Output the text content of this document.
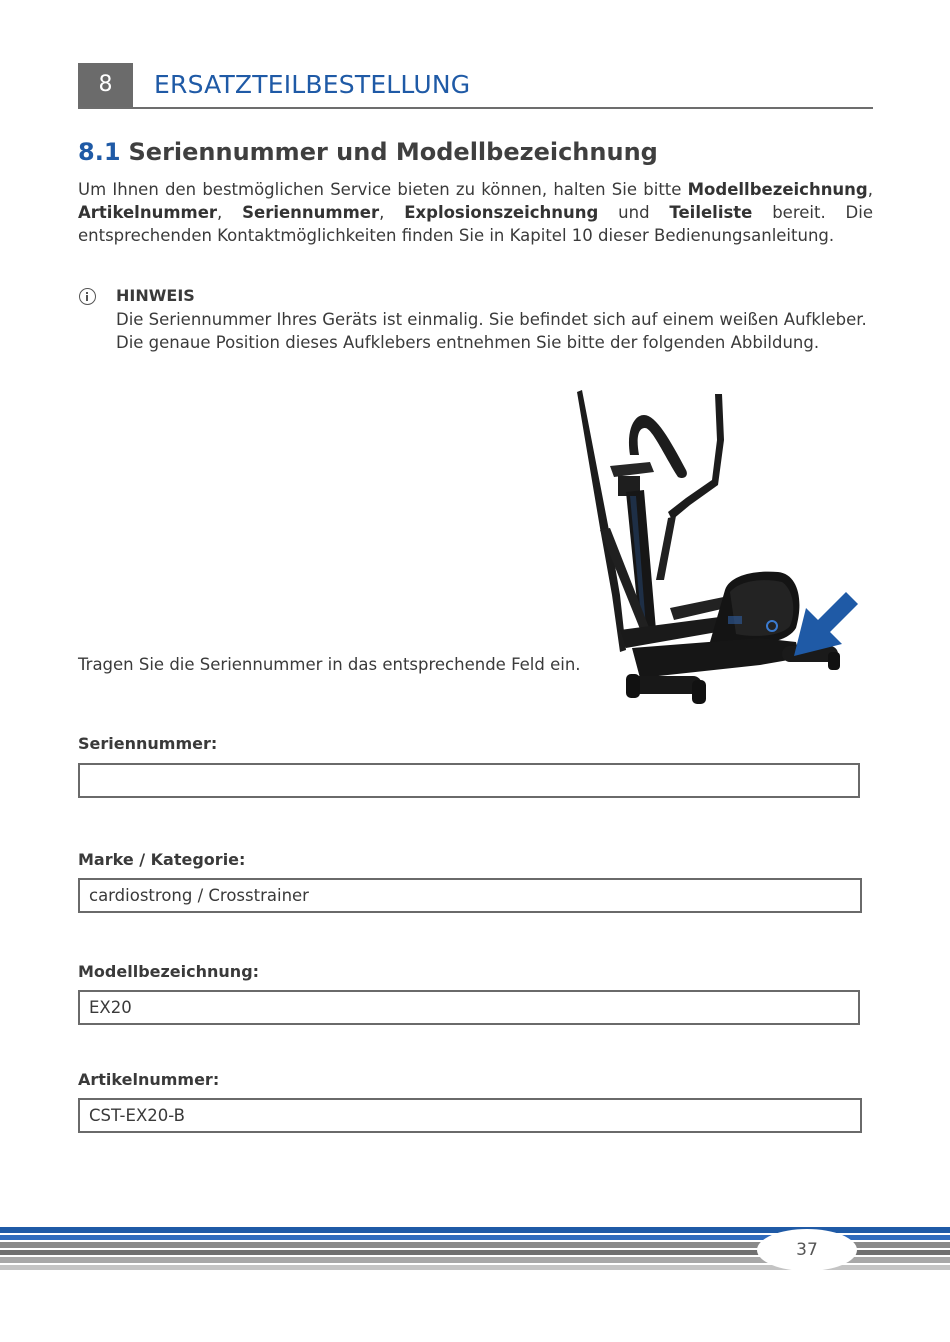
8	ERSATZTEILBESTELLUNG
8.1 Seriennummer und Modellbezeichnung

Um Ihnen den bestmöglichen Service bieten zu können, halten Sie bitte Modellbezeichnung, Artikelnummer, Seriennummer, Explosionszeichnung und Teileliste bereit. Die entsprechenden Kontaktmöglichkeiten finden Sie in Kapitel 10 dieser Bedienungsanleitung.

HINWEIS

Die Seriennummer Ihres Geräts ist einmalig. Sie befindet sich auf einem weißen Aufkleber. Die genaue Position dieses Aufklebers entnehmen Sie bitte der folgenden Abbildung.

Tragen Sie die Seriennummer in das entsprechende Feld ein.
Seriennummer:
Marke / Kategorie:
cardiostrong / Crosstrainer
Modellbezeichnung:
EX20
Artikelnummer:
CST-EX20-B
37
